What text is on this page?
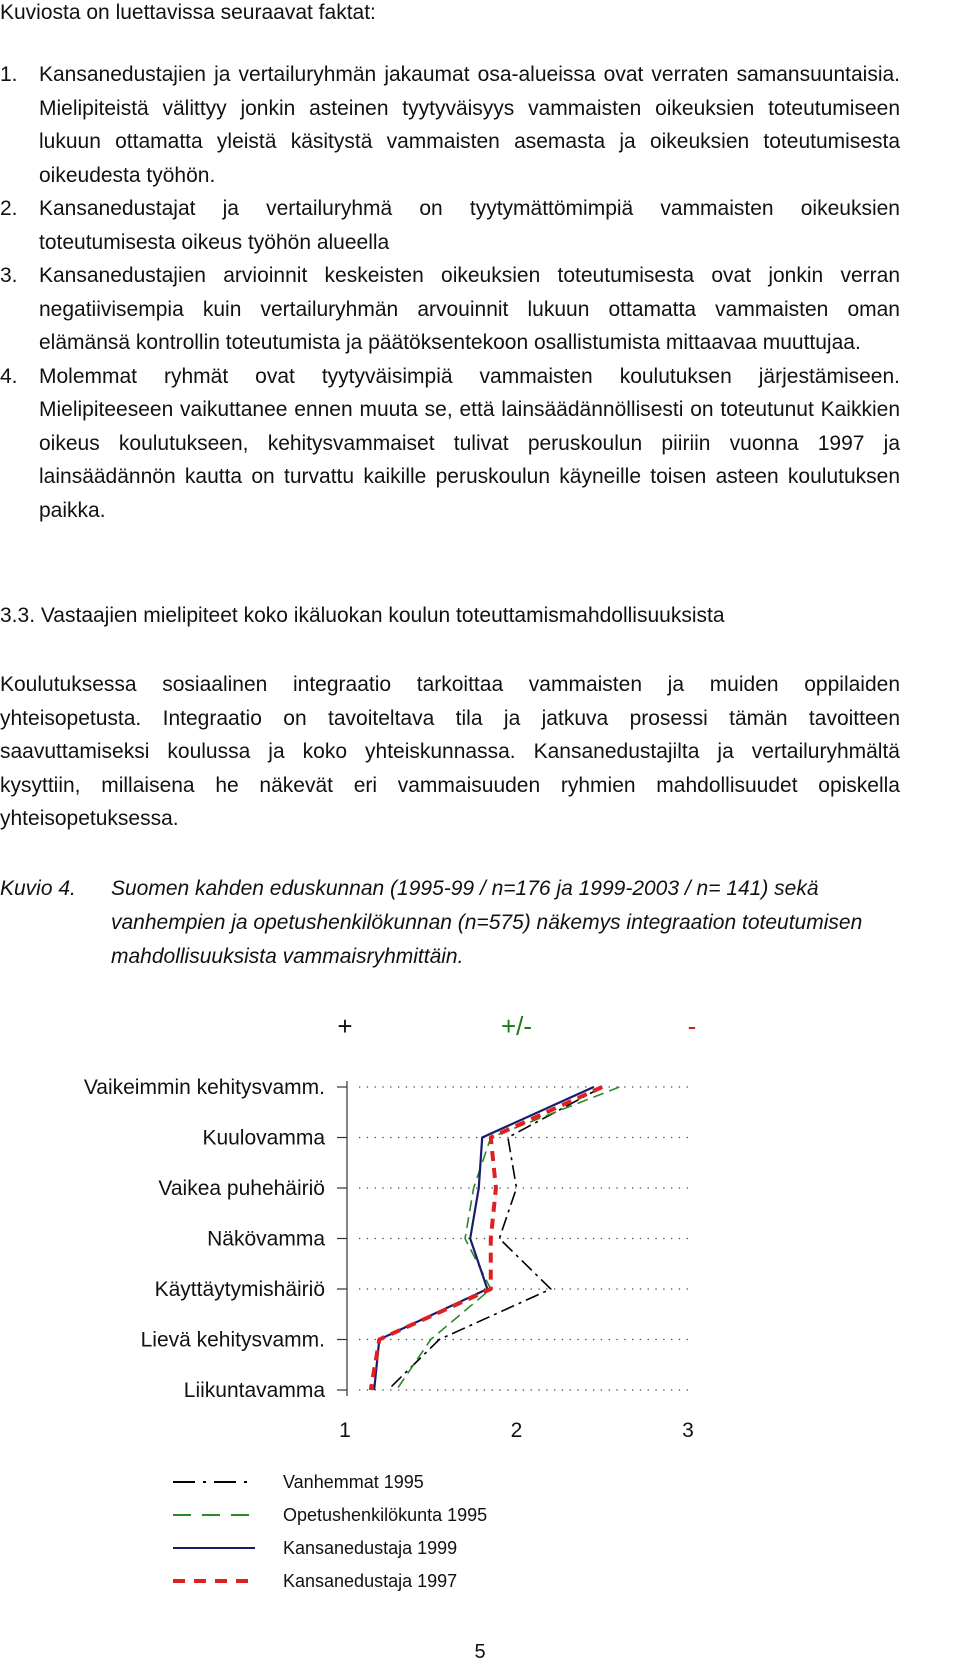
Kuviosta on luettavissa seuraavat faktat:
1. Kansanedustajien ja vertailuryhmän jakaumat osa-alueissa ovat verraten samansuuntaisia. Mielipiteistä välittyy jonkin asteinen tyytyväisyys vammaisten oikeuksien toteutumiseen lukuun ottamatta yleistä käsitystä vammaisten asemasta ja oikeuksien toteutumisesta oikeudesta työhön.
2. Kansanedustajat ja vertailuryhmä on tyytymättömimpiä vammaisten oikeuksien toteutumisesta oikeus työhön alueella
3. Kansanedustajien arvioinnit keskeisten oikeuksien toteutumisesta ovat jonkin verran negatiivisempia kuin vertailuryhmän arvouinnit lukuun ottamatta vammaisten oman elämänsä kontrollin toteutumista ja päätöksentekoon osallistumista mittaavaa muuttujaa.
4. Molemmat ryhmät ovat tyytyväisimpiä vammaisten koulutuksen järjestämiseen. Mielipiteeseen vaikuttanee ennen muuta se, että lainsäädännöllisesti on toteutunut Kaikkien oikeus koulutukseen, kehitysvammaiset tulivat peruskoulun piiriin vuonna 1997 ja lainsäädännön kautta on turvattu kaikille peruskoulun käyneille toisen asteen koulutuksen paikka.
3.3. Vastaajien mielipiteet koko ikäluokan koulun toteuttamismahdollisuuksista

Koulutuksessa sosiaalinen integraatio tarkoittaa vammaisten ja muiden oppilaiden yhteisopetusta. Integraatio on tavoiteltava tila ja jatkuva prosessi tämän tavoitteen saavuttamiseksi koulussa ja koko yhteiskunnassa. Kansanedustajilta ja vertailuryhmältä kysyttiin, millaisena he näkevät eri vammaisuuden ryhmien mahdollisuudet opiskella yhteisopetuksessa.

Kuvio 4. Suomen kahden eduskunnan (1995-99 / n=176 ja 1999-2003 / n= 141) sekä vanhempien ja opetushenkilökunnan (n=575) näkemys integraation toteutumisen mahdollisuuksista vammaisryhmittäin.
+	+/-	-
Vaikeimmin kehitysvamm.
Kuulovamma
Vaikea puhehäiriö
Näkövamma
Käyttäytymishäiriö
Lievä kehitysvamm.
Liikuntavamma
1	2	3
Vanhemmat 1995
Opetushenkilökunta 1995
Kansanedustaja 1999
Kansanedustaja 1997
5
